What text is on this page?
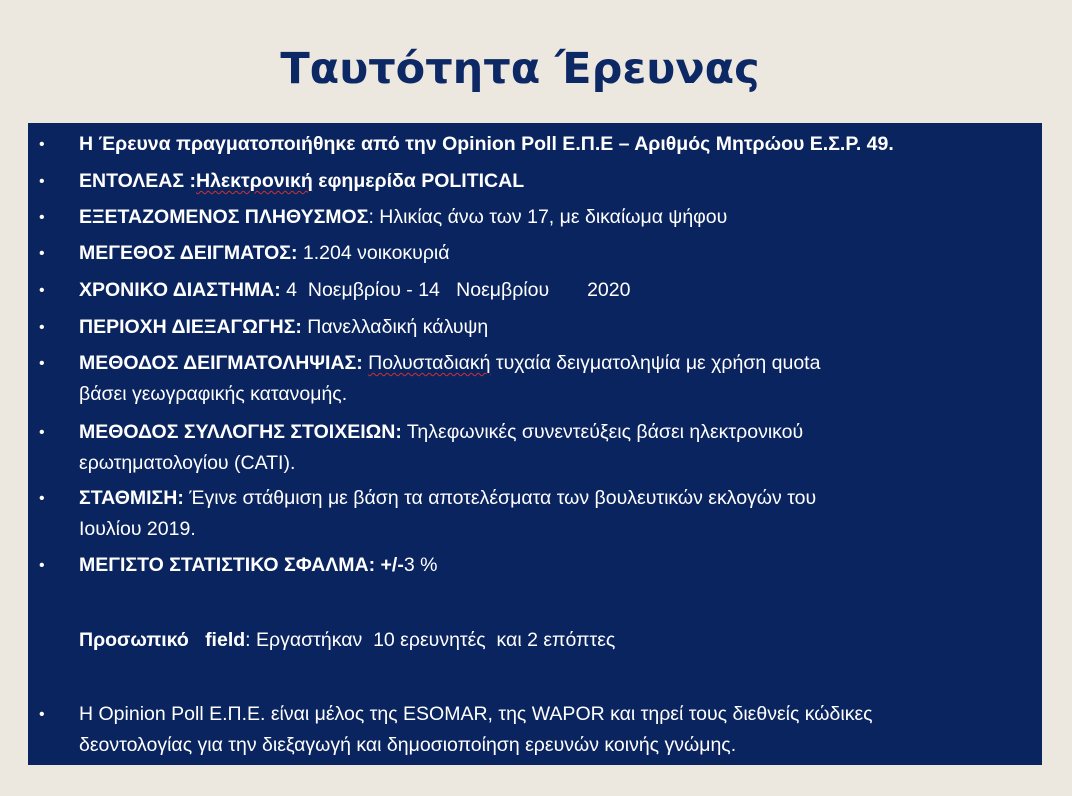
Ταυτότητα Έρευνας
• Η Έρευνα πραγματοποιήθηκε από την Opinion Poll Ε.Π.Ε – Αριθμός Μητρώου Ε.Σ.Ρ. 49.
• ΕΝΤΟΛΕΑΣ :Ηλεκτρονική εφημερίδα POLITICAL
• ΕΞΕΤΑΖΟΜΕΝΟΣ ΠΛΗΘΥΣΜΟΣ: Ηλικίας άνω των 17, με δικαίωμα ψήφου
• ΜΕΓΕΘΟΣ ΔΕΙΓΜΑΤΟΣ: 1.204 νοικοκυριά
• ΧΡΟΝΙΚΟ ΔΙΑΣΤΗΜΑ: 4  Νοεμβρίου - 14   Νοεμβρίου       2020
• ΠΕΡΙΟΧΗ ΔΙΕΞΑΓΩΓΗΣ: Πανελλαδική κάλυψη
• ΜΕΘΟΔΟΣ ΔΕΙΓΜΑΤΟΛΗΨΙΑΣ: Πολυσταδιακή τυχαία δειγματοληψία με χρήση quota
βάσει γεωγραφικής κατανομής.
• ΜΕΘΟΔΟΣ ΣΥΛΛΟΓΗΣ ΣΤΟΙΧΕΙΩΝ: Τηλεφωνικές συνεντεύξεις βάσει ηλεκτρονικού
ερωτηματολογίου (CATI).
• ΣΤΑΘΜΙΣΗ: Έγινε στάθμιση με βάση τα αποτελέσματα των βουλευτικών εκλογών του
Ιουλίου 2019.
• ΜΕΓΙΣΤΟ ΣΤΑΤΙΣΤΙΚΟ ΣΦΑΛΜΑ: +/-3 %
Προσωπικό   field: Εργαστήκαν  10 ερευνητές  και 2 επόπτες
• Η Opinion Poll Ε.Π.Ε. είναι μέλος της ESOMAR, της WAPOR και τηρεί τους διεθνείς κώδικες
δεοντολογίας για την διεξαγωγή και δημοσιοποίηση ερευνών κοινής γνώμης.
